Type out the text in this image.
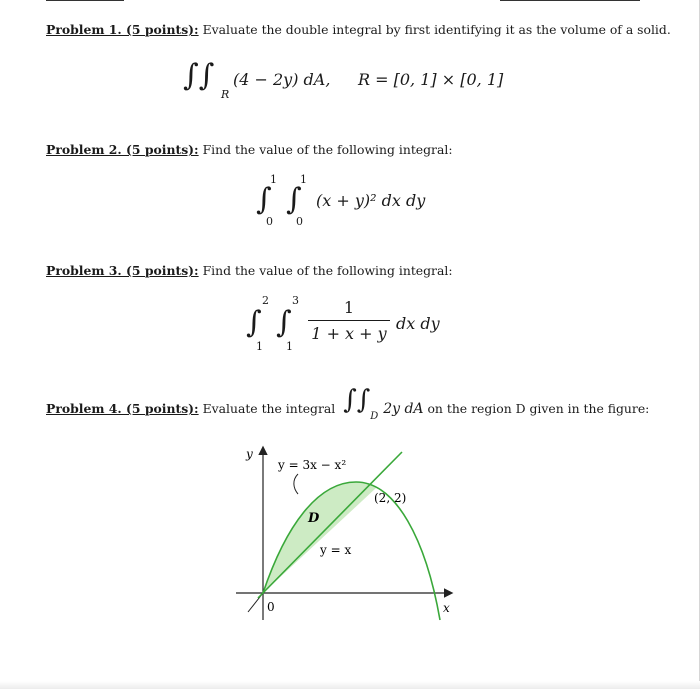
Problem 1. (5 points): Evaluate the double integral by first identifying it as the volume of a solid.
∫∫
R
(4 − 2y) dA, R = [0, 1] × [0, 1]
Problem 2. (5 points): Find the value of the following integral:
∫
1
0
∫
1
0
(x + y)² dx dy
Problem 3. (5 points): Find the value of the following integral:
∫
2
1
∫
3
1
1
1 + x + y
dx dy
Problem 4. (5 points): Evaluate the integral ∫∫
D 2y dA on the region D given in the figure:
y
x
0
y = 3x − x²
D
y = x
(2, 2)
